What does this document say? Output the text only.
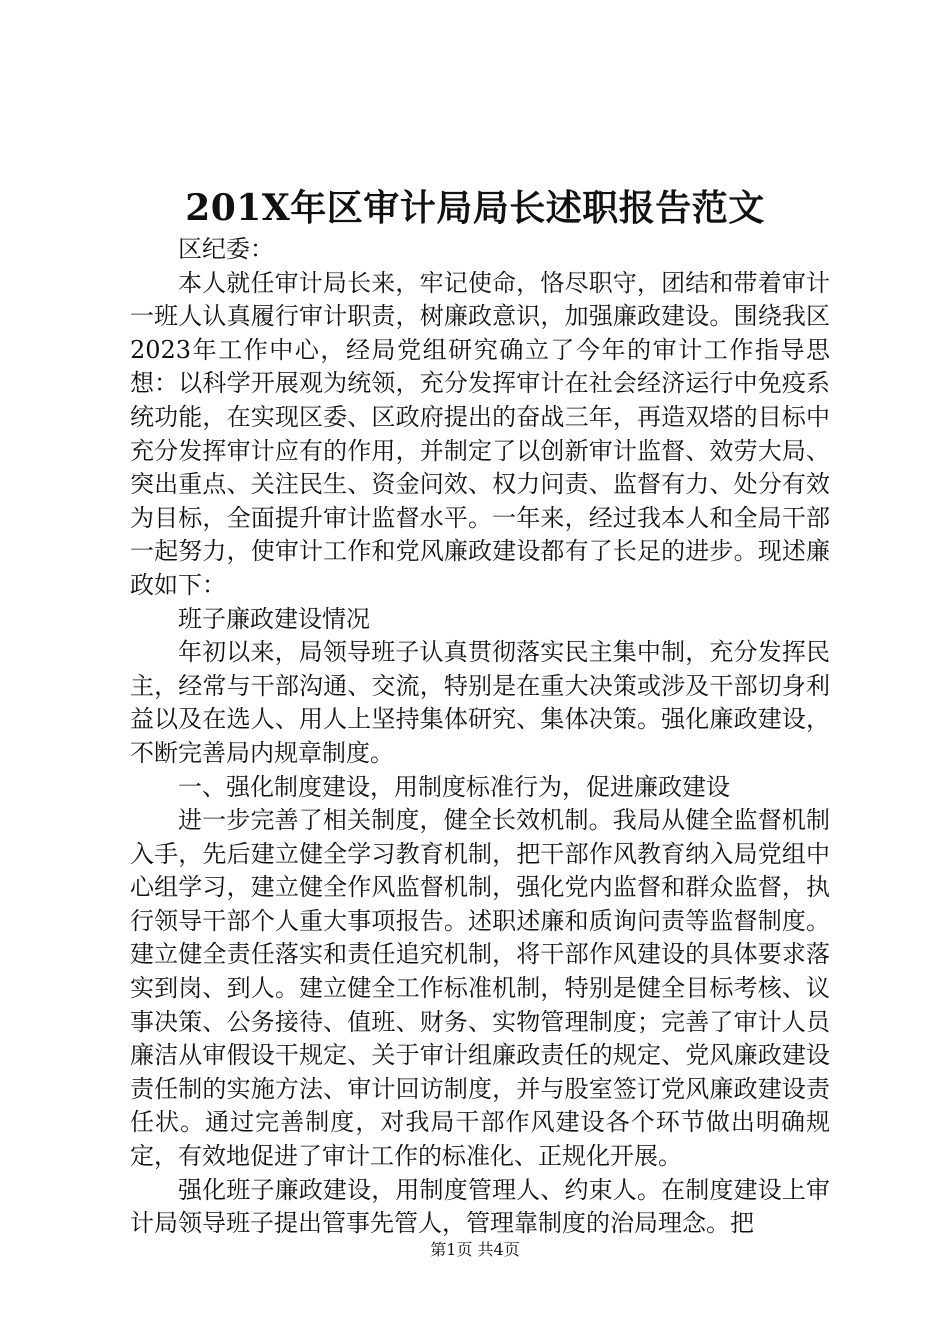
201X年区审计局局长述职报告范文

区纪委：

本人就任审计局长来，牢记使命，恪尽职守，团结和带着审计一班人认真履行审计职责，树廉政意识，加强廉政建设。围绕我区2023年工作中心，经局党组研究确立了今年的审计工作指导思想：以科学开展观为统领，充分发挥审计在社会经济运行中免疫系统功能，在实现区委、区政府提出的奋战三年，再造双塔的目标中充分发挥审计应有的作用，并制定了以创新审计监督、效劳大局、突出重点、关注民生、资金问效、权力问责、监督有力、处分有效为目标，全面提升审计监督水平。一年来，经过我本人和全局干部一起努力，使审计工作和党风廉政建设都有了长足的进步。现述廉政如下：

班子廉政建设情况

年初以来，局领导班子认真贯彻落实民主集中制，充分发挥民主，经常与干部沟通、交流，特别是在重大决策或涉及干部切身利益以及在选人、用人上坚持集体研究、集体决策。强化廉政建设，不断完善局内规章制度。

一、强化制度建设，用制度标准行为，促进廉政建设

进一步完善了相关制度，健全长效机制。我局从健全监督机制入手，先后建立健全学习教育机制，把干部作风教育纳入局党组中心组学习，建立健全作风监督机制，强化党内监督和群众监督，执行领导干部个人重大事项报告。述职述廉和质询问责等监督制度。建立健全责任落实和责任追究机制，将干部作风建设的具体要求落实到岗、到人。建立健全工作标准机制，特别是健全目标考核、议事决策、公务接待、值班、财务、实物管理制度；完善了审计人员廉洁从审假设干规定、关于审计组廉政责任的规定、党风廉政建设责任制的实施方法、审计回访制度，并与股室签订党风廉政建设责任状。通过完善制度，对我局干部作风建设各个环节做出明确规定，有效地促进了审计工作的标准化、正规化开展。

强化班子廉政建设，用制度管理人、约束人。在制度建设上审计局领导班子提出管事先管人，管理靠制度的治局理念。把

第1页 共4页
